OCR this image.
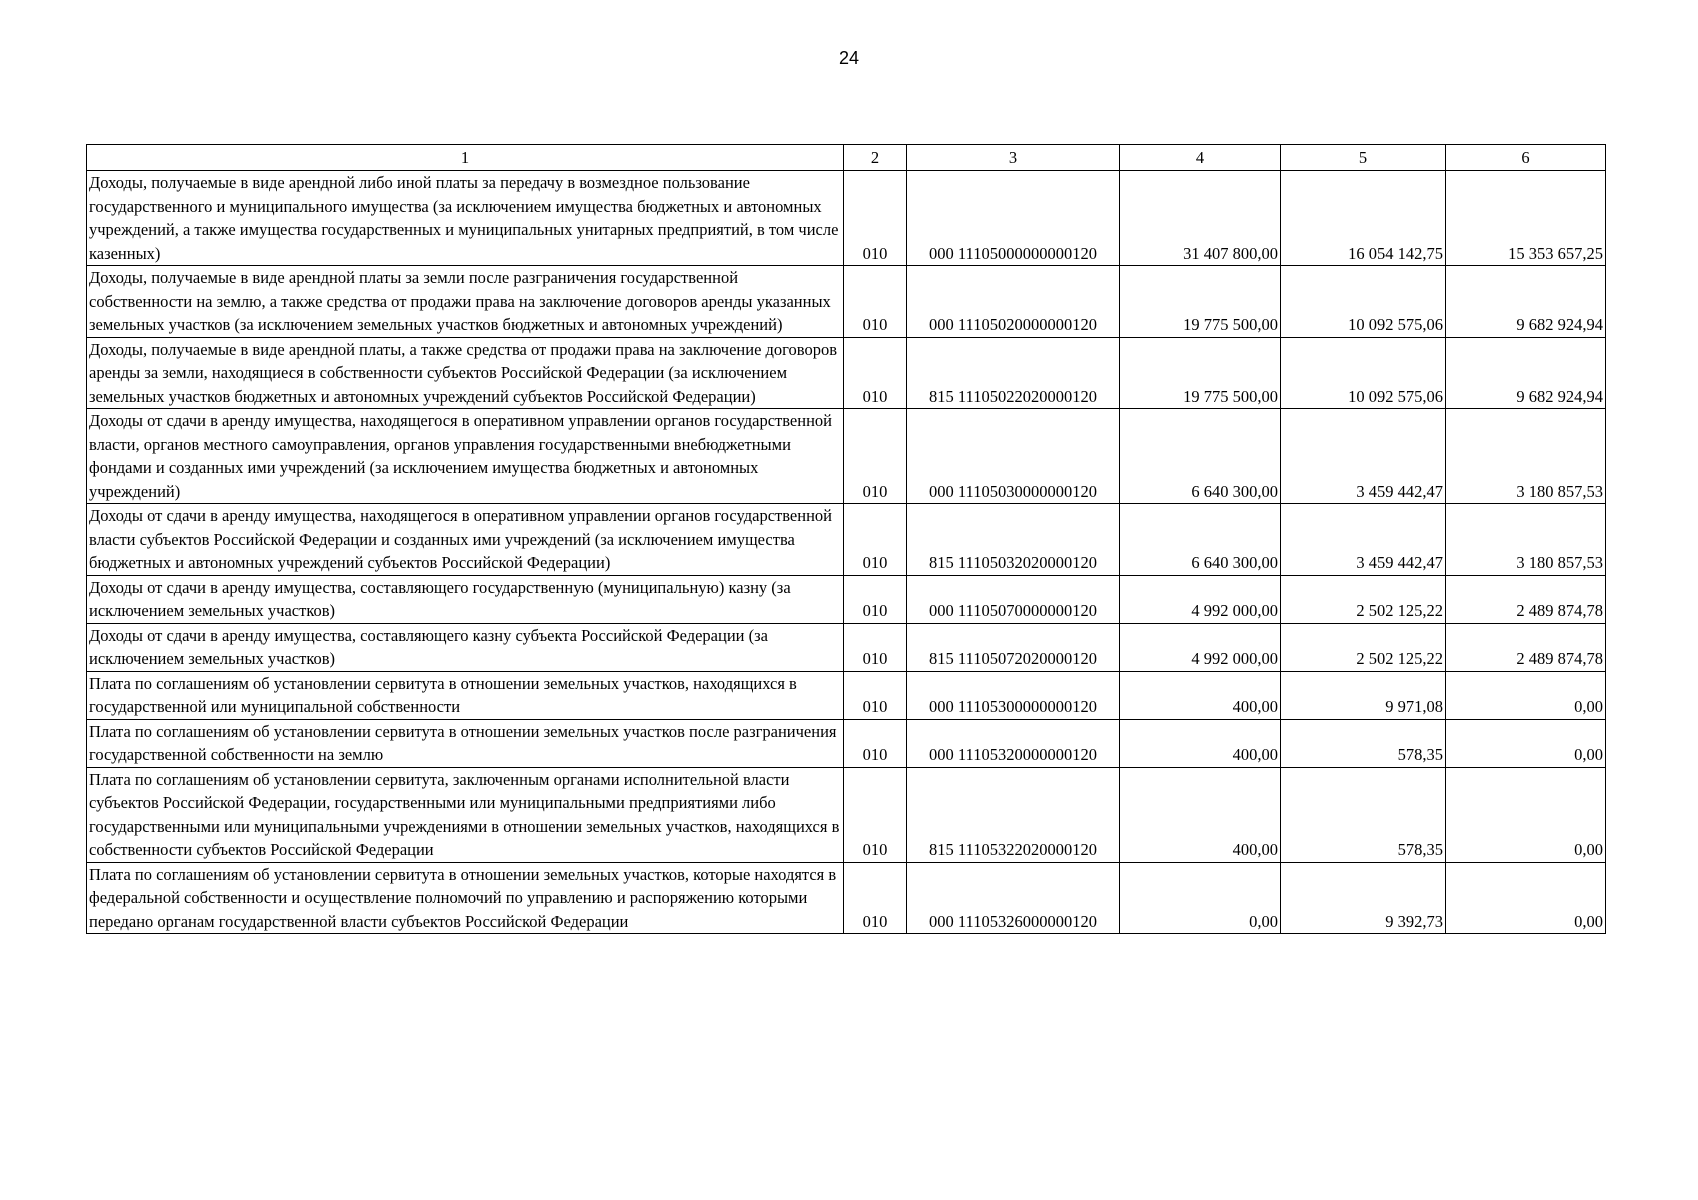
24
1	2	3	4	5	6
Доходы, получаемые в виде арендной либо иной платы за передачу в возмездное пользование государственного и муниципального имущества (за исключением имущества бюджетных и автономных учреждений, а также имущества государственных и муниципальных унитарных предприятий, в том числе казенных)	010	000 11105000000000120	31 407 800,00	16 054 142,75	15 353 657,25
Доходы, получаемые в виде арендной платы за земли после разграничения государственной собственности на землю, а также средства от продажи права на заключение договоров аренды указанных земельных участков (за исключением земельных участков бюджетных и автономных учреждений)	010	000 11105020000000120	19 775 500,00	10 092 575,06	9 682 924,94
Доходы, получаемые в виде арендной платы, а также средства от продажи права на заключение договоров аренды за земли, находящиеся в собственности субъектов Российской Федерации (за исключением земельных участков бюджетных и автономных учреждений субъектов Российской Федерации)	010	815 11105022020000120	19 775 500,00	10 092 575,06	9 682 924,94
Доходы от сдачи в аренду имущества, находящегося в оперативном управлении органов государственной власти, органов местного самоуправления, органов управления государственными внебюджетными фондами и созданных ими учреждений (за исключением имущества бюджетных и автономных учреждений)	010	000 11105030000000120	6 640 300,00	3 459 442,47	3 180 857,53
Доходы от сдачи в аренду имущества, находящегося в оперативном управлении органов государственной власти субъектов Российской Федерации и созданных ими учреждений (за исключением имущества бюджетных и автономных учреждений субъектов Российской Федерации)	010	815 11105032020000120	6 640 300,00	3 459 442,47	3 180 857,53
Доходы от сдачи в аренду имущества, составляющего государственную (муниципальную) казну (за исключением земельных участков)	010	000 11105070000000120	4 992 000,00	2 502 125,22	2 489 874,78
Доходы от сдачи в аренду имущества, составляющего казну субъекта Российской Федерации (за исключением земельных участков)	010	815 11105072020000120	4 992 000,00	2 502 125,22	2 489 874,78
Плата по соглашениям об установлении сервитута в отношении земельных участков, находящихся в государственной или муниципальной собственности	010	000 11105300000000120	400,00	9 971,08	0,00
Плата по соглашениям об установлении сервитута в отношении земельных участков после разграничения государственной собственности на землю	010	000 11105320000000120	400,00	578,35	0,00
Плата по соглашениям об установлении сервитута, заключенным органами исполнительной власти субъектов Российской Федерации, государственными или муниципальными предприятиями либо государственными или муниципальными учреждениями в отношении земельных участков, находящихся в собственности субъектов Российской Федерации	010	815 11105322020000120	400,00	578,35	0,00
Плата по соглашениям об установлении сервитута в отношении земельных участков, которые находятся в федеральной собственности и осуществление полномочий по управлению и распоряжению которыми передано органам государственной власти субъектов Российской Федерации	010	000 11105326000000120	0,00	9 392,73	0,00
